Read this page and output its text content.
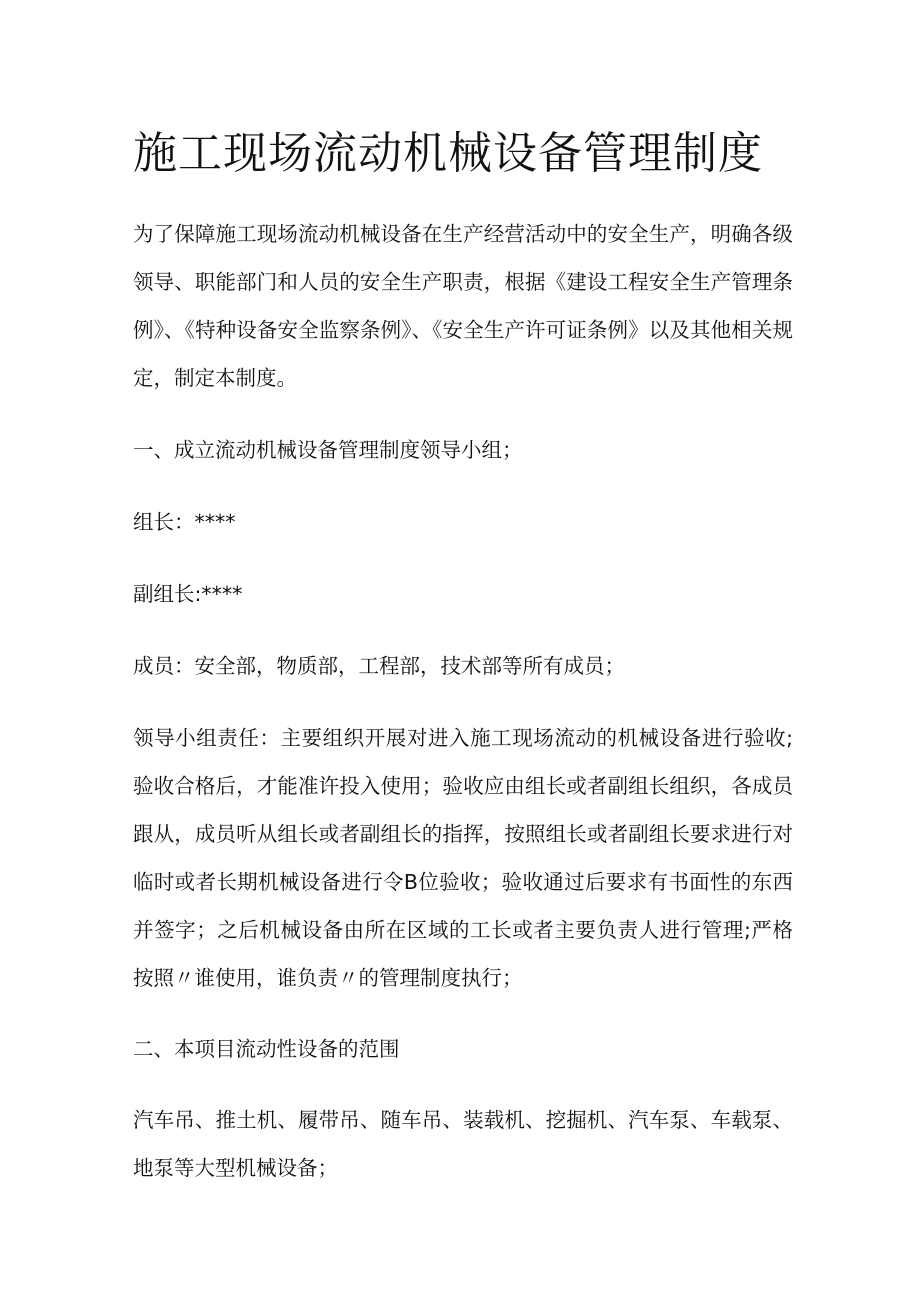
施工现场流动机械设备管理制度

为了保障施工现场流动机械设备在生产经营活动中的安全生产，明确各级领导、职能部门和人员的安全生产职责，根据《建设工程安全生产管理条例》、《特种设备安全监察条例》、《安全生产许可证条例》以及其他相关规定，制定本制度。

一、成立流动机械设备管理制度领导小组；

组长：****

副组长:****

成员：安全部，物质部，工程部，技术部等所有成员；

领导小组责任：主要组织开展对进入施工现场流动的机械设备进行验收;验收合格后，才能准许投入使用；验收应由组长或者副组长组织，各成员跟从，成员听从组长或者副组长的指挥，按照组长或者副组长要求进行对临时或者长期机械设备进行令B位验收；验收通过后要求有书面性的东西并签字；之后机械设备由所在区域的工长或者主要负责人进行管理;严格按照〃谁使用，谁负责〃的管理制度执行；

二、本项目流动性设备的范围

汽车吊、推土机、履带吊、随车吊、装载机、挖掘机、汽车泵、车载泵、地泵等大型机械设备；
